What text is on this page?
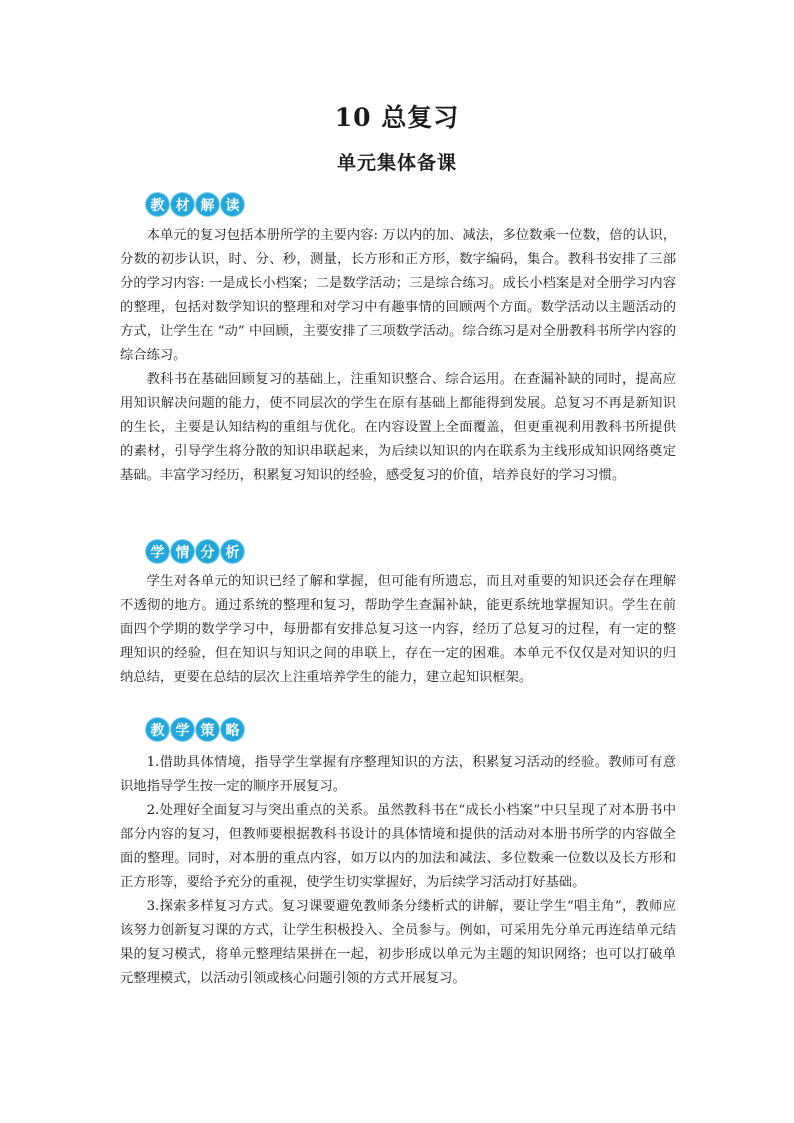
10 总复习
单元集体备课
教 材 解 读

本单元的复习包括本册所学的主要内容: 万以内的加、减法，多位数乘一位数，倍的认识，分数的初步认识，时、分、秒，测量，长方形和正方形，数字编码，集合。教科书安排了三部分的学习内容: 一是成长小档案；二是数学活动；三是综合练习。成长小档案是对全册学习内容的整理，包括对数学知识的整理和对学习中有趣事情的回顾两个方面。数学活动以主题活动的方式，让学生在 “动” 中回顾，主要安排了三项数学活动。综合练习是对全册教科书所学内容的综合练习。

教科书在基础回顾复习的基础上，注重知识整合、综合运用。在查漏补缺的同时，提高应用知识解决问题的能力，使不同层次的学生在原有基础上都能得到发展。总复习不再是新知识的生长，主要是认知结构的重组与优化。在内容设置上全面覆盖，但更重视利用教科书所提供的素材，引导学生将分散的知识串联起来，为后续以知识的内在联系为主线形成知识网络奠定基础。丰富学习经历，积累复习知识的经验，感受复习的价值，培养良好的学习习惯。

学 情 分 析

学生对各单元的知识已经了解和掌握，但可能有所遗忘，而且对重要的知识还会存在理解不透彻的地方。通过系统的整理和复习，帮助学生查漏补缺，能更系统地掌握知识。学生在前面四个学期的数学学习中，每册都有安排总复习这一内容，经历了总复习的过程，有一定的整理知识的经验，但在知识与知识之间的串联上，存在一定的困难。本单元不仅仅是对知识的归纳总结，更要在总结的层次上注重培养学生的能力，建立起知识框架。

教 学 策 略

1.借助具体情境，指导学生掌握有序整理知识的方法，积累复习活动的经验。教师可有意识地指导学生按一定的顺序开展复习。

2.处理好全面复习与突出重点的关系。虽然教科书在“成长小档案”中只呈现了对本册书中部分内容的复习，但教师要根据教科书设计的具体情境和提供的活动对本册书所学的内容做全面的整理。同时，对本册的重点内容，如万以内的加法和减法、多位数乘一位数以及长方形和正方形等，要给予充分的重视，使学生切实掌握好，为后续学习活动打好基础。

3.探索多样复习方式。复习课要避免教师条分缕析式的讲解，要让学生“唱主角”，教师应该努力创新复习课的方式，让学生积极投入、全员参与。例如，可采用先分单元再连结单元结果的复习模式，将单元整理结果拼在一起，初步形成以单元为主题的知识网络；也可以打破单元整理模式，以活动引领或核心问题引领的方式开展复习。
